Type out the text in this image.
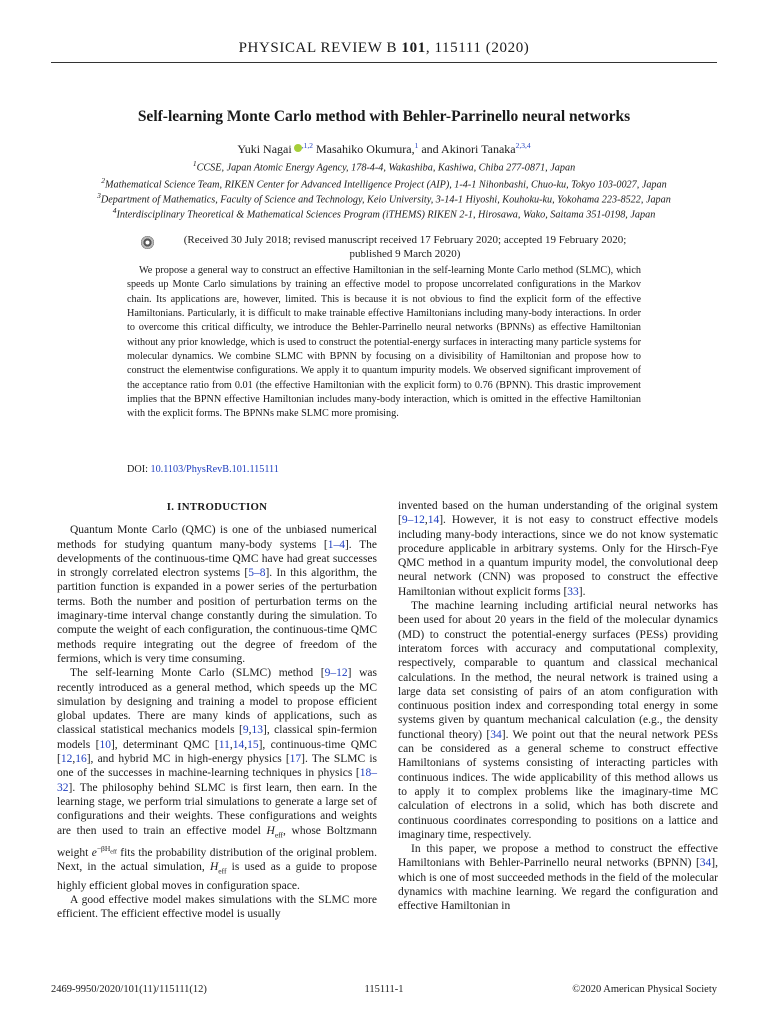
PHYSICAL REVIEW B 101, 115111 (2020)
Self-learning Monte Carlo method with Behler-Parrinello neural networks
Yuki Nagai $^{,1,2}$ Masahiko Okumura,$^1$ and Akinori Tanaka$^{2,3,4}$
$^1$CCSE, Japan Atomic Energy Agency, 178-4-4, Wakashiba, Kashiwa, Chiba 277-0871, Japan
$^2$Mathematical Science Team, RIKEN Center for Advanced Intelligence Project (AIP), 1-4-1 Nihonbashi, Chuo-ku, Tokyo 103-0027, Japan
$^3$Department of Mathematics, Faculty of Science and Technology, Keio University, 3-14-1 Hiyoshi, Kouhoku-ku, Yokohama 223-8522, Japan
$^4$Interdisciplinary Theoretical & Mathematical Sciences Program (iTHEMS) RIKEN 2-1, Hirosawa, Wako, Saitama 351-0198, Japan
(Received 30 July 2018; revised manuscript received 17 February 2020; accepted 19 February 2020;
published 9 March 2020)
We propose a general way to construct an effective Hamiltonian in the self-learning Monte Carlo method (SLMC), which speeds up Monte Carlo simulations by training an effective model to propose uncorrelated configurations in the Markov chain. Its applications are, however, limited. This is because it is not obvious to find the explicit form of the effective Hamiltonians. Particularly, it is difficult to make trainable effective Hamiltonians including many-body interactions. In order to overcome this critical difficulty, we introduce the Behler-Parrinello neural networks (BPNNs) as effective Hamiltonian without any prior knowledge, which is used to construct the potential-energy surfaces in interacting many particle systems for molecular dynamics. We combine SLMC with BPNN by focusing on a divisibility of Hamiltonian and propose how to construct the elementwise configurations. We apply it to quantum impurity models. We observed significant improvement of the acceptance ratio from 0.01 (the effective Hamiltonian with the explicit form) to 0.76 (BPNN). This drastic improvement implies that the BPNN effective Hamiltonian includes many-body interaction, which is omitted in the effective Hamiltonian with the explicit forms. The BPNNs make SLMC more promising.
DOI: 10.1103/PhysRevB.101.115111

I. INTRODUCTION

Quantum Monte Carlo (QMC) is one of the unbiased numerical methods for studying quantum many-body systems [1–4]. The developments of the continuous-time QMC have had great successes in strongly correlated electron systems [5–8]. In this algorithm, the partition function is expanded in a power series of the perturbation terms. Both the number and position of perturbation terms on the imaginary-time interval change constantly during the simulation. To compute the weight of each configuration, the continuous-time QMC methods require integrating out the degree of freedom of the fermions, which is very time consuming.

The self-learning Monte Carlo (SLMC) method [9–12] was recently introduced as a general method, which speeds up the MC simulation by designing and training a model to propose efficient global updates. There are many kinds of applications, such as classical statistical mechanics models [9,13], classical spin-fermion models [10], determinant QMC [11,14,15], continuous-time QMC [12,16], and hybrid MC in high-energy physics [17]. The SLMC is one of the successes in machine-learning techniques in physics [18–32]. The philosophy behind SLMC is first learn, then earn. In the learning stage, we perform trial simulations to generate a large set of configurations and their weights. These configurations and weights are then used to train an effective model $H_{eff}$, whose Boltzmann weight $e^{-\beta H_{eff}}$ fits the probability distribution of the original problem. Next, in the actual simulation, $H_{eff}$ is used as a guide to propose highly efficient global moves in configuration space.

A good effective model makes simulations with the SLMC more efficient. The efficient effective model is usually

invented based on the human understanding of the original system [9–12,14]. However, it is not easy to construct effective models including many-body interactions, since we do not know systematic procedure applicable in arbitrary systems. Only for the Hirsch-Fye QMC method in a quantum impurity model, the convolutional deep neural network (CNN) was proposed to construct the effective Hamiltonian without explicit forms [33].

The machine learning including artificial neural networks has been used for about 20 years in the field of the molecular dynamics (MD) to construct the potential-energy surfaces (PESs) providing interatom forces with accuracy and computational complexity, respectively, comparable to quantum and classical mechanical calculations. In the method, the neural network is trained using a large data set consisting of pairs of an atom configuration with continuous position index and corresponding total energy in some systems given by quantum mechanical calculation (e.g., the density functional theory) [34]. We point out that the neural network PESs can be considered as a general scheme to construct effective Hamiltonians of systems consisting of interacting particles with continuous indices. The wide applicability of this method allows us to apply it to complex problems like the imaginary-time MC calculation of electrons in a solid, which has both discrete and continuous coordinates corresponding to positions on a lattice and imaginary time, respectively.

In this paper, we propose a method to construct the effective Hamiltonians with Behler-Parrinello neural networks (BPNN) [34], which is one of most succeeded methods in the field of the molecular dynamics with machine learning. We regard the configuration and effective Hamiltonian in

2469-9950/2020/101(11)/115111(12)	115111-1	©2020 American Physical Society
